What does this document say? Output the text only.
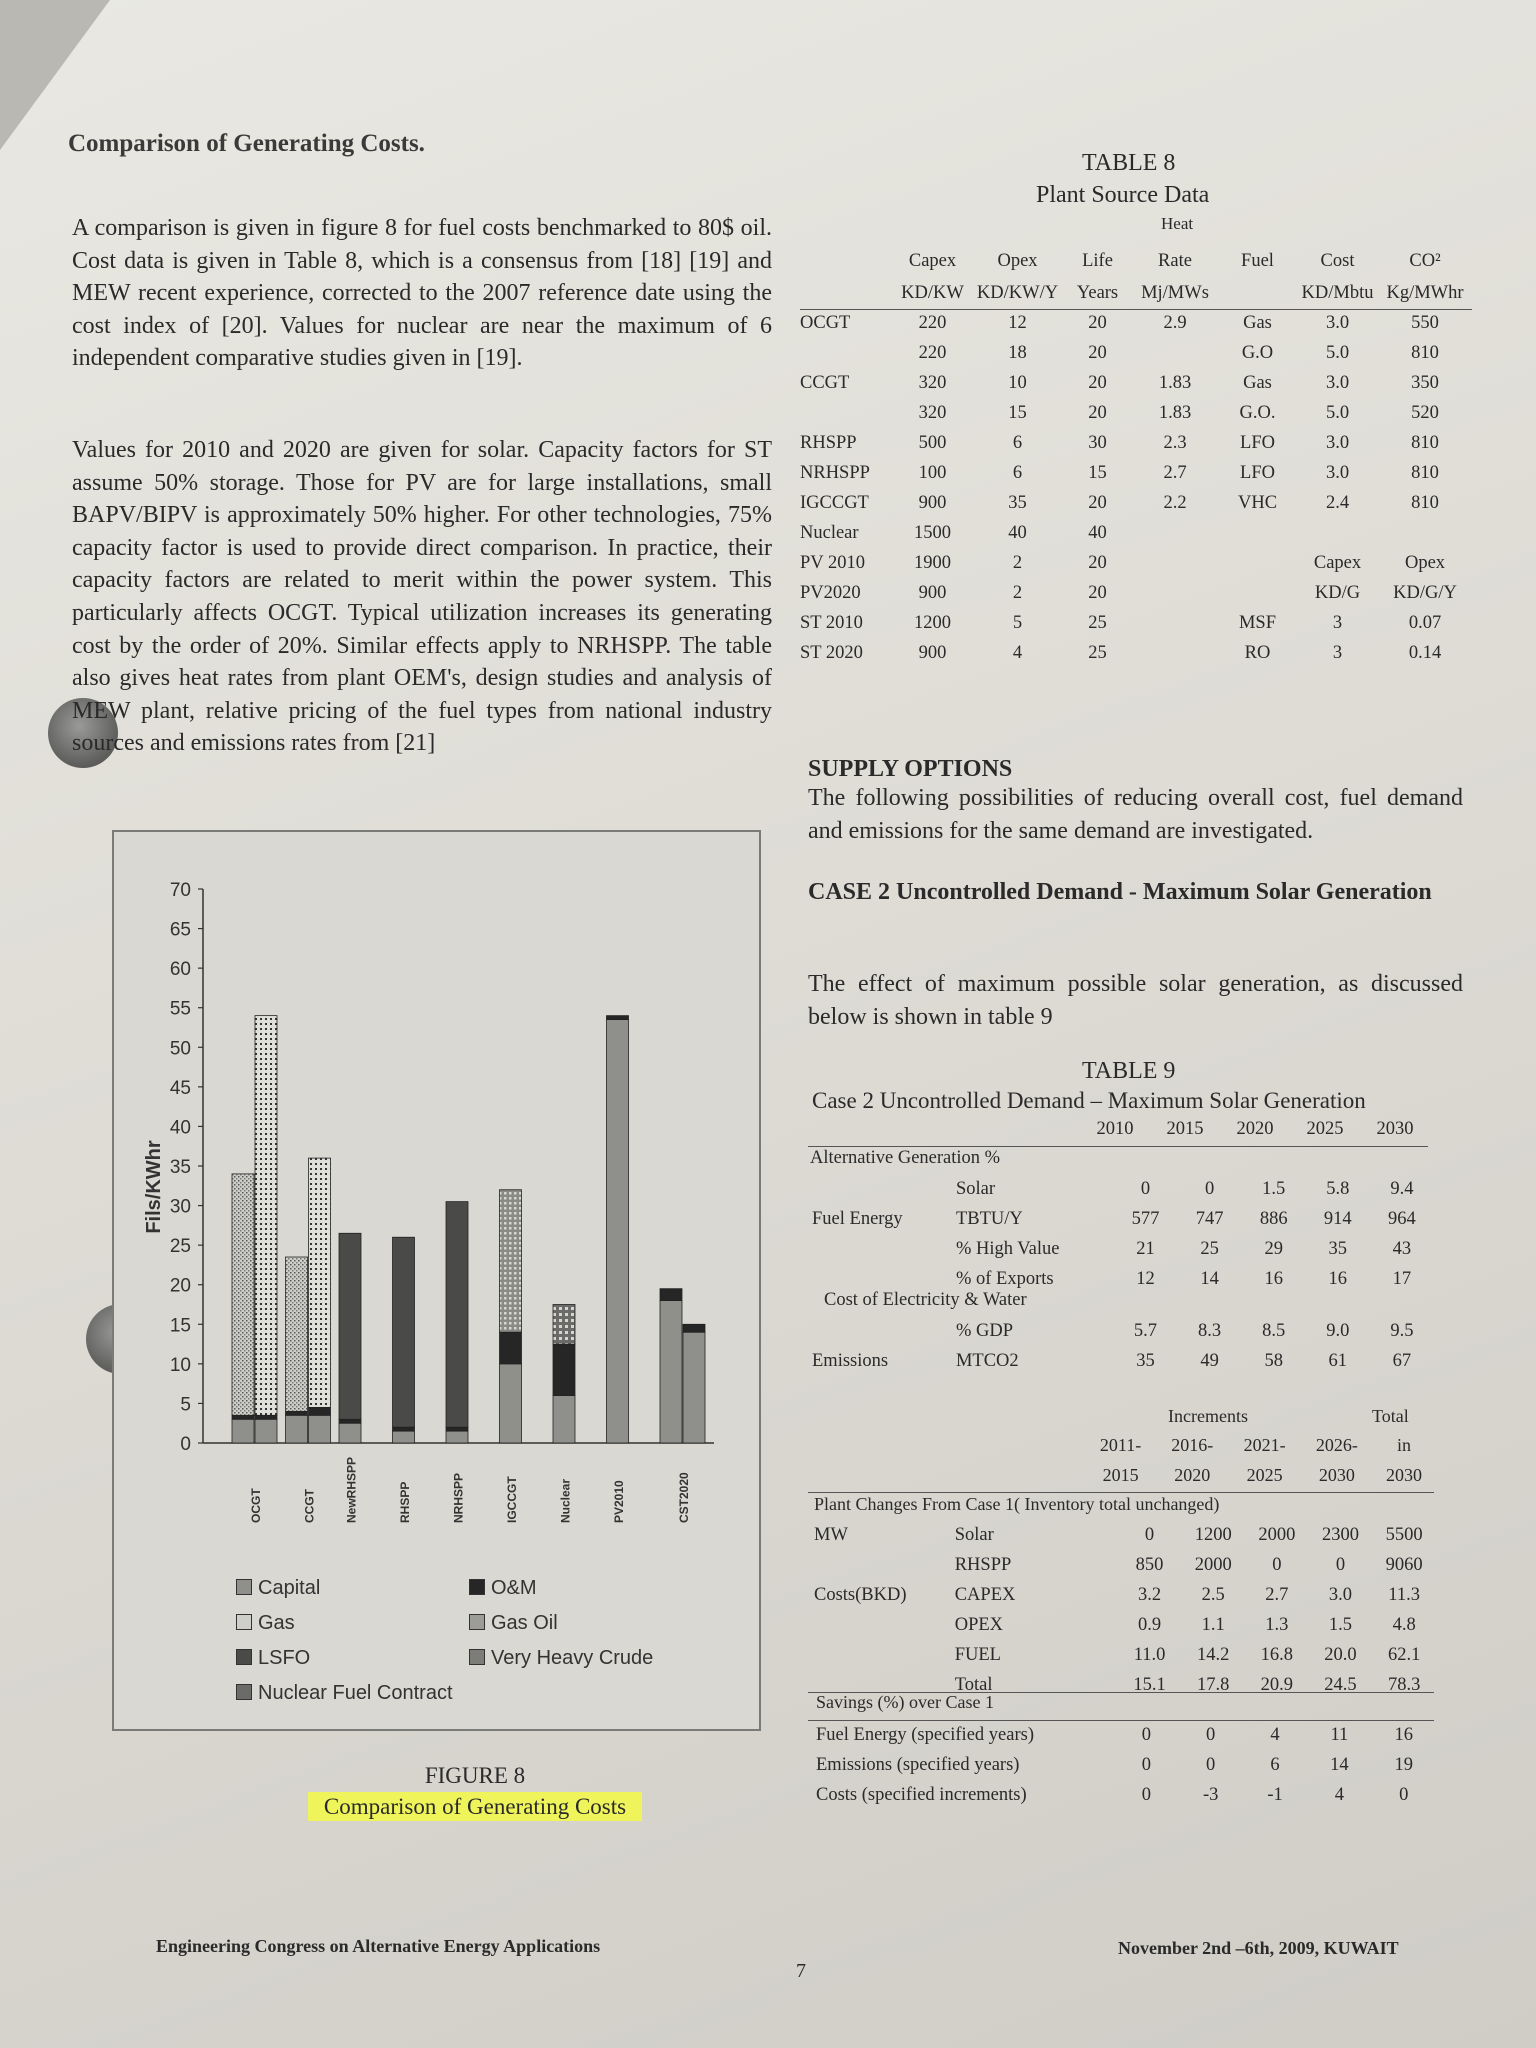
Comparison of Generating Costs.

A comparison is given in figure 8 for fuel costs benchmarked to 80$ oil. Cost data is given in Table 8, which is a consensus from [18] [19] and MEW recent experience, corrected to the 2007 reference date using the cost index of [20]. Values for nuclear are near the maximum of 6 independent comparative studies given in [19].

Values for 2010 and 2020 are given for solar. Capacity factors for ST assume 50% storage. Those for PV are for large installations, small BAPV/BIPV is approximately 50% higher. For other technologies, 75% capacity factor is used to provide direct comparison. In practice, their capacity factors are related to merit within the power system. This particularly affects OCGT. Typical utilization increases its generating cost by the order of 20%. Similar effects apply to NRHSPP. The table also gives heat rates from plant OEM's, design studies and analysis of MEW plant, relative pricing of the fuel types from national industry sources and emissions rates from [21]

0
5
10
15
20
25
30
35
40
45
50
55
60
65
70
OCGT	CCGT NewRHSPP	RHSPP	NRHSPP	IGCCGT	Nuclear	PV2010	CST2020
Fils/KWhr
Capital	O&M
Gas	Gas Oil
LSFO	Very Heavy Crude
Nuclear Fuel Contract
FIGURE 8
Comparison of Generating Costs
TABLE 8
Plant Source Data
Heat
	Capex	Opex	Life	Rate	Fuel	Cost	CO²
	KD/KW	KD/KW/Y	Years	Mj/MWs		KD/Mbtu	Kg/MWhr
OCGT	220	12	20	2.9	Gas	3.0	550
	220	18	20		G.O	5.0	810
CCGT	320	10	20	1.83	Gas	3.0	350
	320	15	20	1.83	G.O.	5.0	520
RHSPP	500	6	30	2.3	LFO	3.0	810
NRHSPP	100	6	15	2.7	LFO	3.0	810
IGCCGT	900	35	20	2.2	VHC	2.4	810
Nuclear	1500	40	40				
PV 2010	1900	2	20			Capex	Opex
PV2020	900	2	20			KD/G	KD/G/Y
ST 2010	1200	5	25		MSF	3	0.07
ST 2020	900	4	25		RO	3	0.14
SUPPLY OPTIONS

The following possibilities of reducing overall cost, fuel demand and emissions for the same demand are investigated.

CASE 2 Uncontrolled Demand - Maximum Solar Generation

The effect of maximum possible solar generation, as discussed below is shown in table 9

TABLE 9
Case 2 Uncontrolled Demand – Maximum Solar Generation
2010	2015	2020	2025	2030
Alternative Generation %
	Solar	0	0	1.5	5.8	9.4
Fuel Energy	TBTU/Y	577	747	886	914	964
	% High Value	21	25	29	35	43
	% of Exports	12	14	16	16	17
Cost of Electricity & Water
	% GDP	5.7	8.3	8.5	9.0	9.5
Emissions	MTCO2	35	49	58	61	67
Increments	Total
2011-	2016-	2021-	2026-	in
2015	2020	2025	2030	2030
Plant Changes From Case 1( Inventory total unchanged)
MW	Solar	0	1200	2000	2300	5500
	RHSPP	850	2000	0	0	9060
Costs(BKD)	CAPEX	3.2	2.5	2.7	3.0	11.3
	OPEX	0.9	1.1	1.3	1.5	4.8
	FUEL	11.0	14.2	16.8	20.0	62.1
	Total	15.1	17.8	20.9	24.5	78.3
Savings (%) over Case 1
Fuel Energy (specified years)	0	0	4	11	16
Emissions (specified years)	0	0	6	14	19
Costs (specified increments)	0	-3	-1	4	0
Engineering Congress on Alternative Energy Applications
7
November 2nd –6th, 2009, KUWAIT
